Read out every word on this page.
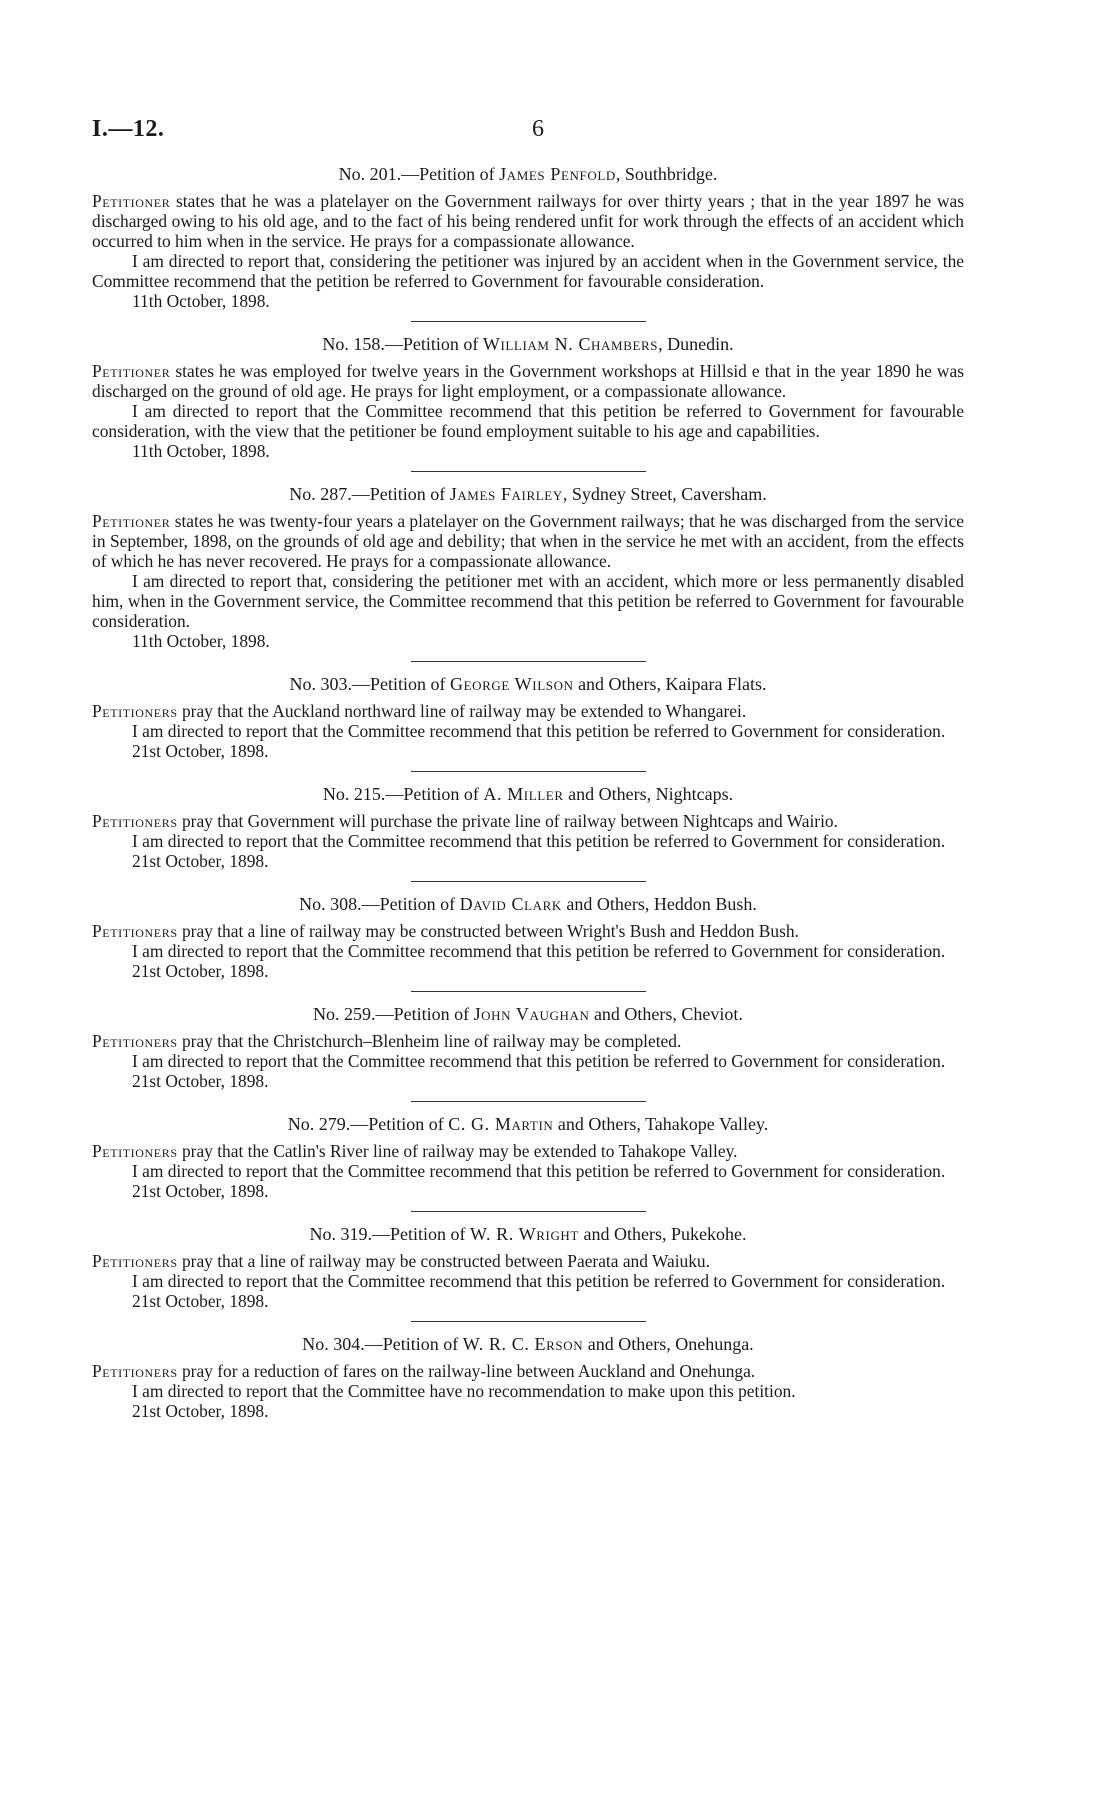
I.—12.	6

No. 201.—Petition of James Penfold, Southbridge.

Petitioner states that he was a platelayer on the Government railways for over thirty years ; that in the year 1897 he was discharged owing to his old age, and to the fact of his being rendered unfit for work through the effects of an accident which occurred to him when in the service. He prays for a compassionate allowance.

I am directed to report that, considering the petitioner was injured by an accident when in the Government service, the Committee recommend that the petition be referred to Government for favourable consideration.

11th October, 1898.

No. 158.—Petition of William N. Chambers, Dunedin.

Petitioner states he was employed for twelve years in the Government workshops at Hillsid e that in the year 1890 he was discharged on the ground of old age. He prays for light employment, or a compassionate allowance.

I am directed to report that the Committee recommend that this petition be referred to Government for favourable consideration, with the view that the petitioner be found employment suitable to his age and capabilities.

11th October, 1898.

No. 287.—Petition of James Fairley, Sydney Street, Caversham.

Petitioner states he was twenty-four years a platelayer on the Government railways; that he was discharged from the service in September, 1898, on the grounds of old age and debility; that when in the service he met with an accident, from the effects of which he has never recovered. He prays for a compassionate allowance.

I am directed to report that, considering the petitioner met with an accident, which more or less permanently disabled him, when in the Government service, the Committee recommend that this petition be referred to Government for favourable consideration.

11th October, 1898.

No. 303.—Petition of George Wilson and Others, Kaipara Flats.

Petitioners pray that the Auckland northward line of railway may be extended to Whangarei.

I am directed to report that the Committee recommend that this petition be referred to Government for consideration.

21st October, 1898.

No. 215.—Petition of A. Miller and Others, Nightcaps.

Petitioners pray that Government will purchase the private line of railway between Nightcaps and Wairio.

I am directed to report that the Committee recommend that this petition be referred to Government for consideration.

21st October, 1898.

No. 308.—Petition of David Clark and Others, Heddon Bush.

Petitioners pray that a line of railway may be constructed between Wright's Bush and Heddon Bush.

I am directed to report that the Committee recommend that this petition be referred to Government for consideration.

21st October, 1898.

No. 259.—Petition of John Vaughan and Others, Cheviot.

Petitioners pray that the Christchurch–Blenheim line of railway may be completed.

I am directed to report that the Committee recommend that this petition be referred to Government for consideration.

21st October, 1898.

No. 279.—Petition of C. G. Martin and Others, Tahakope Valley.

Petitioners pray that the Catlin's River line of railway may be extended to Tahakope Valley.

I am directed to report that the Committee recommend that this petition be referred to Government for consideration.

21st October, 1898.

No. 319.—Petition of W. R. Wright and Others, Pukekohe.

Petitioners pray that a line of railway may be constructed between Paerata and Waiuku.

I am directed to report that the Committee recommend that this petition be referred to Government for consideration.

21st October, 1898.

No. 304.—Petition of W. R. C. Erson and Others, Onehunga.

Petitioners pray for a reduction of fares on the railway-line between Auckland and Onehunga.

I am directed to report that the Committee have no recommendation to make upon this petition.

21st October, 1898.
